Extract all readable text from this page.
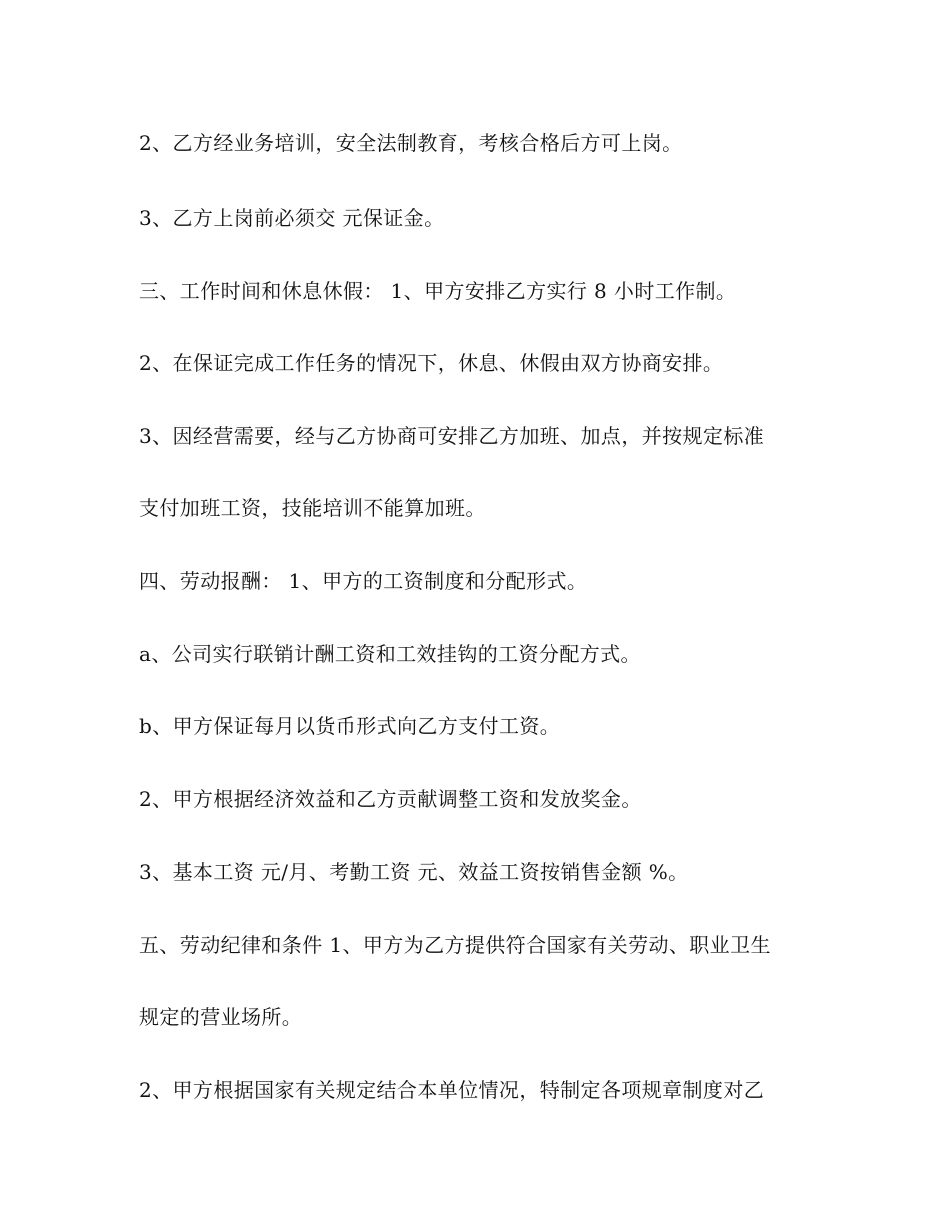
2、乙方经业务培训，安全法制教育，考核合格后方可上岗。
3、乙方上岗前必须交 元保证金。
三、工作时间和休息休假： 1、甲方安排乙方实行 8 小时工作制。
2、在保证完成工作任务的情况下，休息、休假由双方协商安排。
3、因经营需要，经与乙方协商可安排乙方加班、加点，并按规定标准
支付加班工资，技能培训不能算加班。
四、劳动报酬： 1、甲方的工资制度和分配形式。
a、公司实行联销计酬工资和工效挂钩的工资分配方式。
b、甲方保证每月以货币形式向乙方支付工资。
2、甲方根据经济效益和乙方贡献调整工资和发放奖金。
3、基本工资 元/月、考勤工资 元、效益工资按销售金额 %。
五、劳动纪律和条件 1、甲方为乙方提供符合国家有关劳动、职业卫生
规定的营业场所。
2、甲方根据国家有关规定结合本单位情况，特制定各项规章制度对乙
